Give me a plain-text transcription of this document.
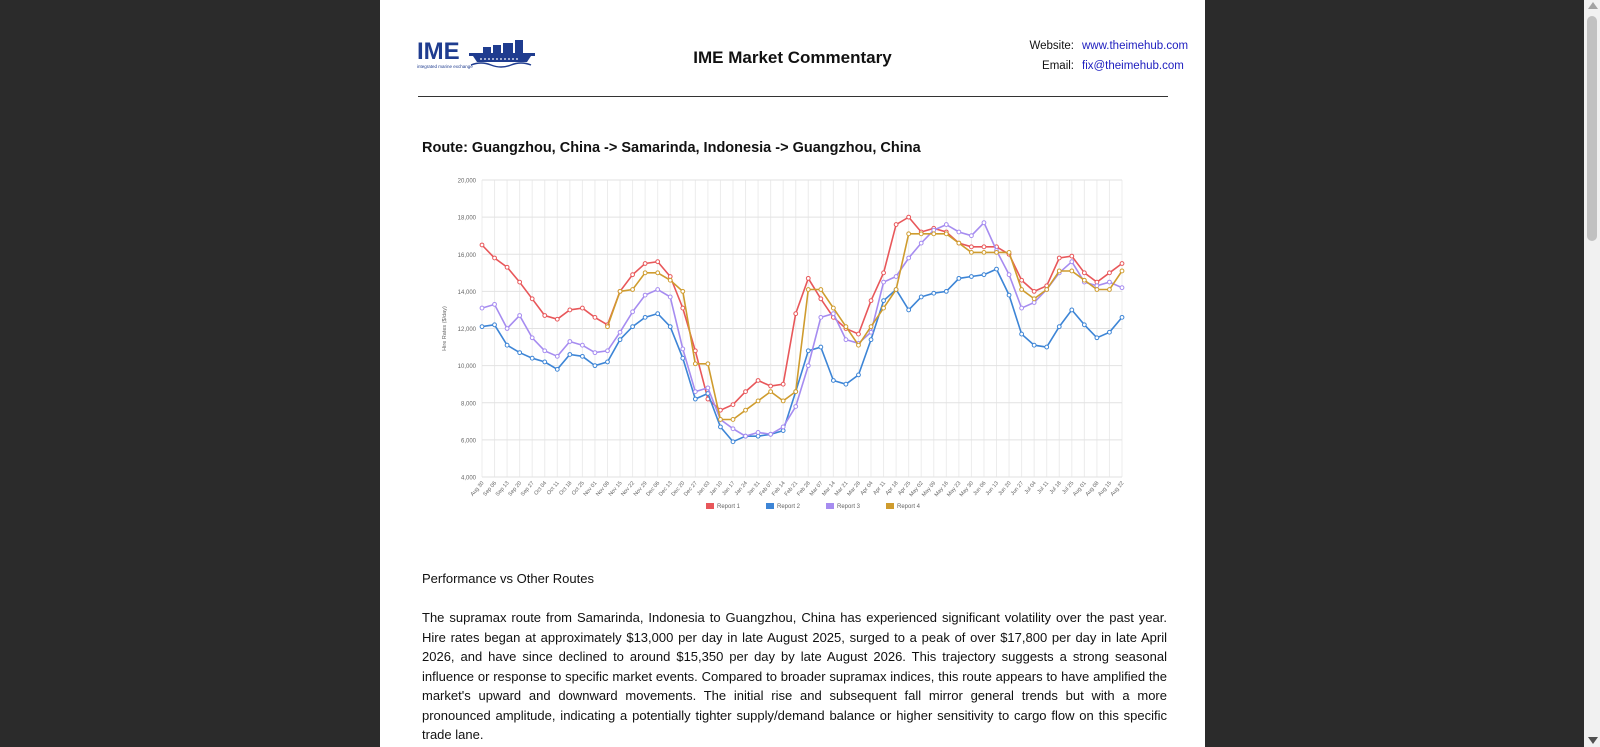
IME
integrated marine exchange	IME Market Commentary
Website: www.theimehub.com
Email: fix@theimehub.com
Route: Guangzhou, China -> Samarinda, Indonesia -> Guangzhou, China
4,000
6,000
8,000
10,000
12,000
14,000
16,000
18,000
20,000
Hire Rates ($/day)
Aug 30
Sep 06
Sep 13
Sep 20
Sep 27
Oct 04
Oct 11
Oct 18
Oct 25
Nov 01
Nov 08
Nov 15
Nov 22
Nov 29
Dec 06
Dec 13
Dec 20
Dec 27
Jan 03
Jan 10
Jan 17
Jan 24
Jan 31
Feb 07
Feb 14
Feb 21
Feb 28
Mar 07
Mar 14
Mar 21
Mar 28
Apr 04
Apr 11
Apr 18
Apr 25
May 02
May 09
May 16
May 23
May 30
Jun 06
Jun 13
Jun 20
Jun 27
Jul 04
Jul 11
Jul 18
Jul 25
Aug 01
Aug 08
Aug 15
Aug 22
Report 1	Report 2	Report 3	Report 4
Performance vs Other Routes
The supramax route from Samarinda, Indonesia to Guangzhou, China has experienced significant volatility over the past year. Hire rates began at approximately $13,000 per day in late August 2025, surged to a peak of over $17,800 per day in late April 2026, and have since declined to around $15,350 per day by late August 2026. This trajectory suggests a strong seasonal influence or response to specific market events. Compared to broader supramax indices, this route appears to have amplified the market's upward and downward movements. The initial rise and subsequent fall mirror general trends but with a more pronounced amplitude, indicating a potentially tighter supply/demand balance or higher sensitivity to cargo flow on this specific trade lane.
